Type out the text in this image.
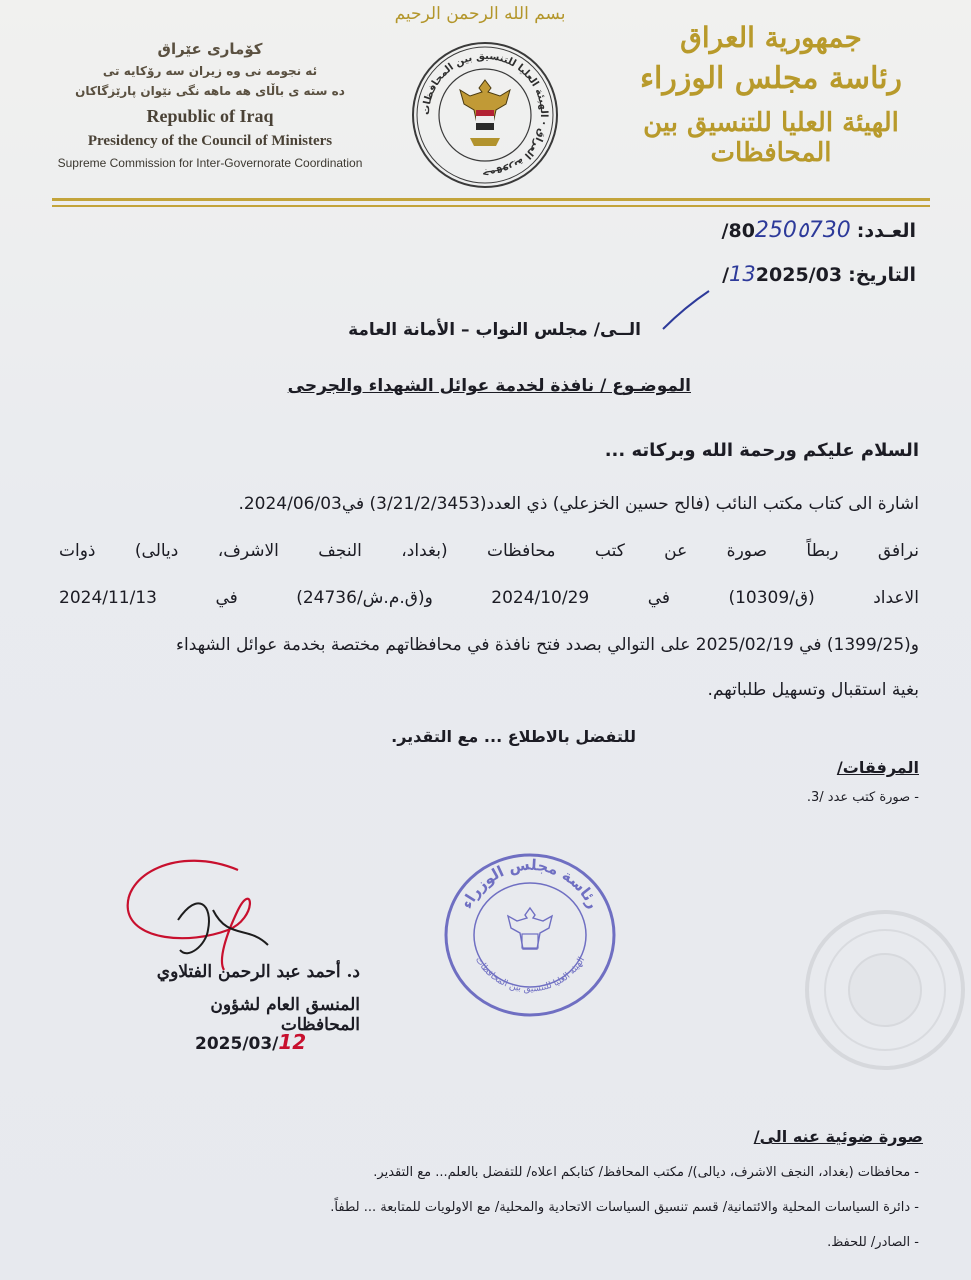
بسم الله الرحمن الرحيم
جمهورية العراق
رئاسة مجلس الوزراء
الهيئة العليا للتنسيق بين المحافظات
كۆماری عێراق
ئه نجومه نی وه زیران سه رۆکایه تی
ده سته ی باڵای هه ماهه نگی نێوان پارێزگاکان
Republic of Iraq
Presidency of the Council of Ministers
Supreme Commission for Inter-Governorate Coordination
جمهورية العراق · الهيئة العليا للتنسيق بين المحافظات
العـدد: /80250٥730
التاريخ: 132025/03/
الــى/ مجلس النواب – الأمانة العامة
الموضـوع / نافذة لخدمة عوائل الشهداء والجرحى
السلام عليكم ورحمة الله وبركاته ...
اشارة الى كتاب مكتب النائب (فالح حسين الخزعلي) ذي العدد(3/21/2/3453) في2024/06/03.
نرافق ربطاً صورة عن كتب محافظات (بغداد، النجف الاشرف، ديالى) ذوات
الاعداد (ق/10309) في 2024/10/29 و(ق.م.ش/24736) في 2024/11/13
و(1399/25) في 2025/02/19 على التوالي بصدد فتح نافذة في محافظاتهم مختصة بخدمة عوائل الشهداء
بغية استقبال وتسهيل طلباتهم.
للتفضل بالاطلاع ... مع التقدير.
المرفقات/
- صورة كتب عدد /3.
د. أحمد عبد الرحمن الفتلاوي
المنسق العام لشؤون المحافظات
2025/03/12
رئاسة مجلس الوزراء
الهيئة العليا للتنسيق بين المحافظات
صورة ضوئية عنه الى/
- محافظات (بغداد، النجف الاشرف، ديالى)/ مكتب المحافظ/ كتابكم اعلاه/ للتفضل بالعلم... مع التقدير.
- دائرة السياسات المحلية والائتمانية/ قسم تنسيق السياسات الاتحادية والمحلية/ مع الاولويات للمتابعة ... لطفاً.
- الصادر/ للحفظ.
